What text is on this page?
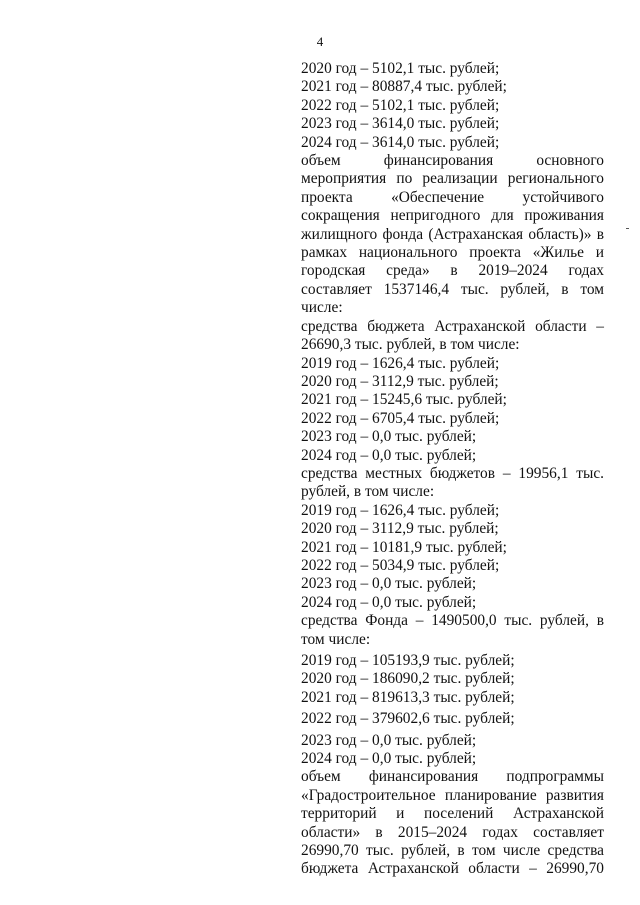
4
2020 год – 5102,1 тыс. рублей;
2021 год – 80887,4 тыс. рублей;
2022 год – 5102,1 тыс. рублей;
2023 год – 3614,0 тыс. рублей;
2024 год – 3614,0 тыс. рублей;
объем финансирования основного
мероприятия по реализации регионального
проекта «Обеспечение устойчивого
сокращения непригодного для проживания
жилищного фонда (Астраханская область)» в
рамках национального проекта «Жилье и
городская среда» в 2019–2024 годах
составляет 1537146,4 тыс. рублей, в том
числе:
средства бюджета Астраханской области –
26690,3 тыс. рублей, в том числе:
2019 год – 1626,4 тыс. рублей;
2020 год – 3112,9 тыс. рублей;
2021 год – 15245,6 тыс. рублей;
2022 год – 6705,4 тыс. рублей;
2023 год – 0,0 тыс. рублей;
2024 год – 0,0 тыс. рублей;
средства местных бюджетов – 19956,1 тыс.
рублей, в том числе:
2019 год – 1626,4 тыс. рублей;
2020 год – 3112,9 тыс. рублей;
2021 год – 10181,9 тыс. рублей;
2022 год – 5034,9 тыс. рублей;
2023 год – 0,0 тыс. рублей;
2024 год – 0,0 тыс. рублей;
средства Фонда – 1490500,0 тыс. рублей, в
том числе:
2019 год – 105193,9 тыс. рублей;
2020 год – 186090,2 тыс. рублей;
2021 год – 819613,3 тыс. рублей;
2022 год – 379602,6 тыс. рублей;
2023 год – 0,0 тыс. рублей;
2024 год – 0,0 тыс. рублей;
объем финансирования подпрограммы
«Градостроительное планирование развития
территорий и поселений Астраханской
области» в 2015–2024 годах составляет
26990,70 тыс. рублей, в том числе средства
бюджета Астраханской области – 26990,70
